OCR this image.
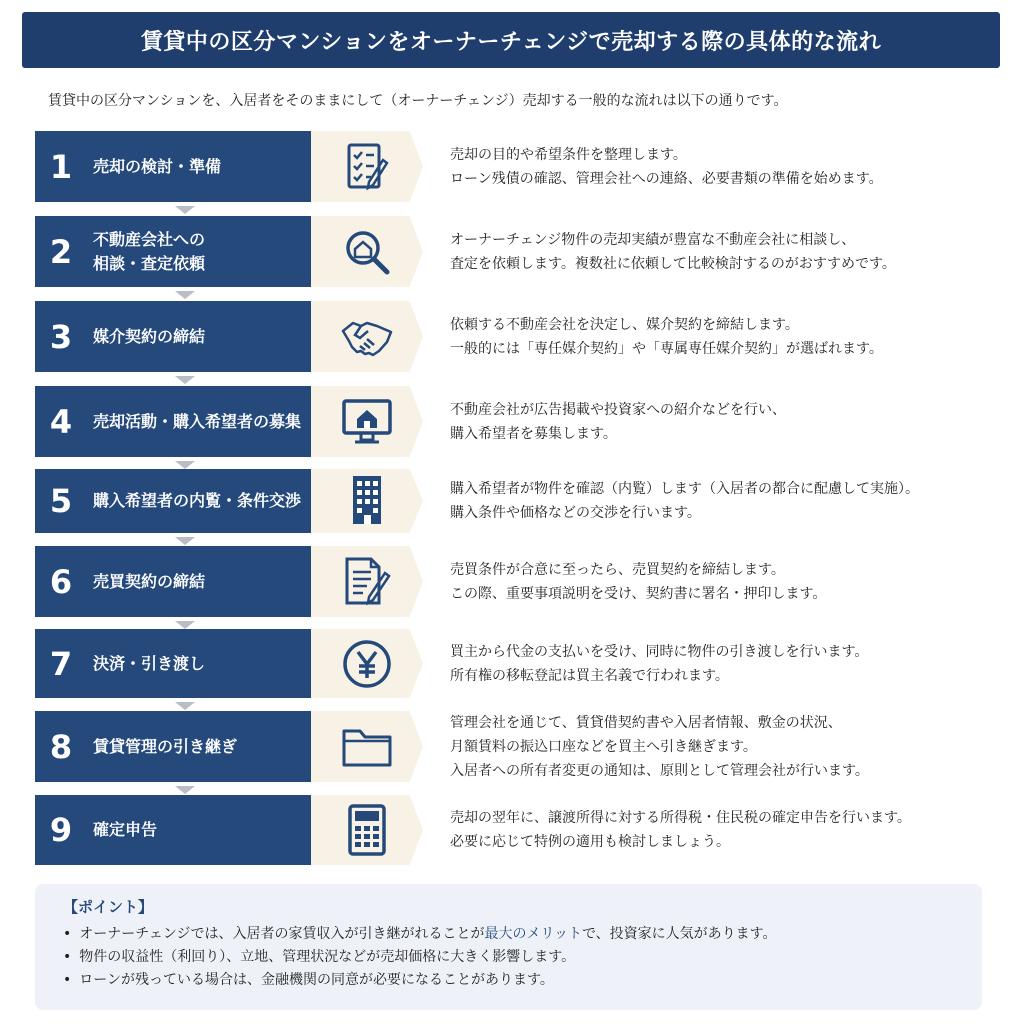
賃貸中の区分マンションをオーナーチェンジで売却する際の具体的な流れ

賃貸中の区分マンションを、入居者をそのままにして（オーナーチェンジ）売却する一般的な流れは以下の通りです。

1	売却の検討・準備
売却の目的や希望条件を整理します。
ローン残債の確認、管理会社への連絡、必要書類の準備を始めます。
2	不動産会社への
相談・査定依頼
オーナーチェンジ物件の売却実績が豊富な不動産会社に相談し、
査定を依頼します。複数社に依頼して比較検討するのがおすすめです。
3	媒介契約の締結
依頼する不動産会社を決定し、媒介契約を締結します。
一般的には「専任媒介契約」や「専属専任媒介契約」が選ばれます。
4	売却活動・購入希望者の募集
不動産会社が広告掲載や投資家への紹介などを行い、
購入希望者を募集します。
5	購入希望者の内覧・条件交渉
購入希望者が物件を確認（内覧）します（入居者の都合に配慮して実施）。
購入条件や価格などの交渉を行います。
6	売買契約の締結
売買条件が合意に至ったら、売買契約を締結します。
この際、重要事項説明を受け、契約書に署名・押印します。
7	決済・引き渡し
買主から代金の支払いを受け、同時に物件の引き渡しを行います。
所有権の移転登記は買主名義で行われます。
8	賃貸管理の引き継ぎ
管理会社を通じて、賃貸借契約書や入居者情報、敷金の状況、
月額賃料の振込口座などを買主へ引き継ぎます。
入居者への所有者変更の通知は、原則として管理会社が行います。
9	確定申告
売却の翌年に、譲渡所得に対する所得税・住民税の確定申告を行います。
必要に応じて特例の適用も検討しましょう。
【ポイント】
• オーナーチェンジでは、入居者の家賃収入が引き継がれることが最大のメリットで、投資家に人気があります。
• 物件の収益性（利回り）、立地、管理状況などが売却価格に大きく影響します。
• ローンが残っている場合は、金融機関の同意が必要になることがあります。
